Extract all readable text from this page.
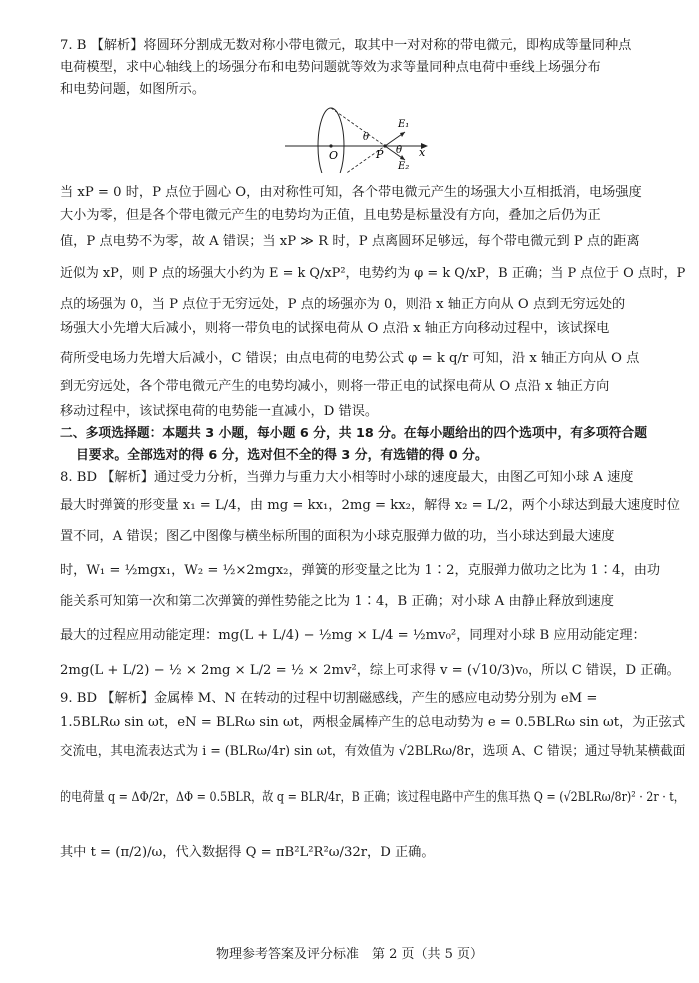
7. B 【解析】将圆环分割成无数对称小带电微元，取其中一对对称的带电微元，即构成等量同种点
电荷模型，求中心轴线上的场强分布和电势问题就等效为求等量同种点电荷中垂线上场强分布
和电势问题，如图所示。
O
θ
E₁
P θ x
E₂
当 xP = 0 时，P 点位于圆心 O，由对称性可知，各个带电微元产生的场强大小互相抵消，电场强度
大小为零，但是各个带电微元产生的电势均为正值，且电势是标量没有方向，叠加之后仍为正
值，P 点电势不为零，故 A 错误；当 xP ≫ R 时，P 点离圆环足够远，每个带电微元到 P 点的距离
近似为 xP，则 P 点的场强大小约为 E = k Q/xP²，电势约为 φ = k Q/xP，B 正确；当 P 点位于 O 点时，P
点的场强为 0，当 P 点位于无穷远处，P 点的场强亦为 0，则沿 x 轴正方向从 O 点到无穷远处的
场强大小先增大后减小，则将一带负电的试探电荷从 O 点沿 x 轴正方向移动过程中，该试探电
荷所受电场力先增大后减小，C 错误；由点电荷的电势公式 φ = k q/r 可知，沿 x 轴正方向从 O 点
到无穷远处，各个带电微元产生的电势均减小，则将一带正电的试探电荷从 O 点沿 x 轴正方向
移动过程中，该试探电荷的电势能一直减小，D 错误。
二、多项选择题：本题共 3 小题，每小题 6 分，共 18 分。在每小题给出的四个选项中，有多项符合题
目要求。全部选对的得 6 分，选对但不全的得 3 分，有选错的得 0 分。
8. BD 【解析】通过受力分析，当弹力与重力大小相等时小球的速度最大，由图乙可知小球 A 速度
最大时弹簧的形变量 x₁ = L/4，由 mg = kx₁，2mg = kx₂，解得 x₂ = L/2，两个小球达到最大速度时位
置不同，A 错误；图乙中图像与横坐标所围的面积为小球克服弹力做的功，当小球达到最大速度
时，W₁ = ½mgx₁，W₂ = ½×2mgx₂，弹簧的形变量之比为 1∶2，克服弹力做功之比为 1∶4，由功
能关系可知第一次和第二次弹簧的弹性势能之比为 1∶4，B 正确；对小球 A 由静止释放到速度
最大的过程应用动能定理：mg(L + L/4) − ½mg × L/4 = ½mv₀²，同理对小球 B 应用动能定理：
2mg(L + L/2) − ½ × 2mg × L/2 = ½ × 2mv²，综上可求得 v = (√10/3)v₀，所以 C 错误，D 正确。
9. BD 【解析】金属棒 M、N 在转动的过程中切割磁感线，产生的感应电动势分别为 eM =
1.5BLRω sin ωt，eN = BLRω sin ωt，两根金属棒产生的总电动势为 e = 0.5BLRω sin ωt，为正弦式
交流电，其电流表达式为 i = (BLRω/4r) sin ωt，有效值为 √2BLRω/8r，选项 A、C 错误；通过导轨某横截面
的电荷量 q = ΔΦ/2r，ΔΦ = 0.5BLR，故 q = BLR/4r，B 正确；该过程电路中产生的焦耳热 Q = (√2BLRω/8r)² · 2r · t，
其中 t = (π/2)/ω，代入数据得 Q = πB²L²R²ω/32r，D 正确。
物理参考答案及评分标准　第 2 页（共 5 页）
